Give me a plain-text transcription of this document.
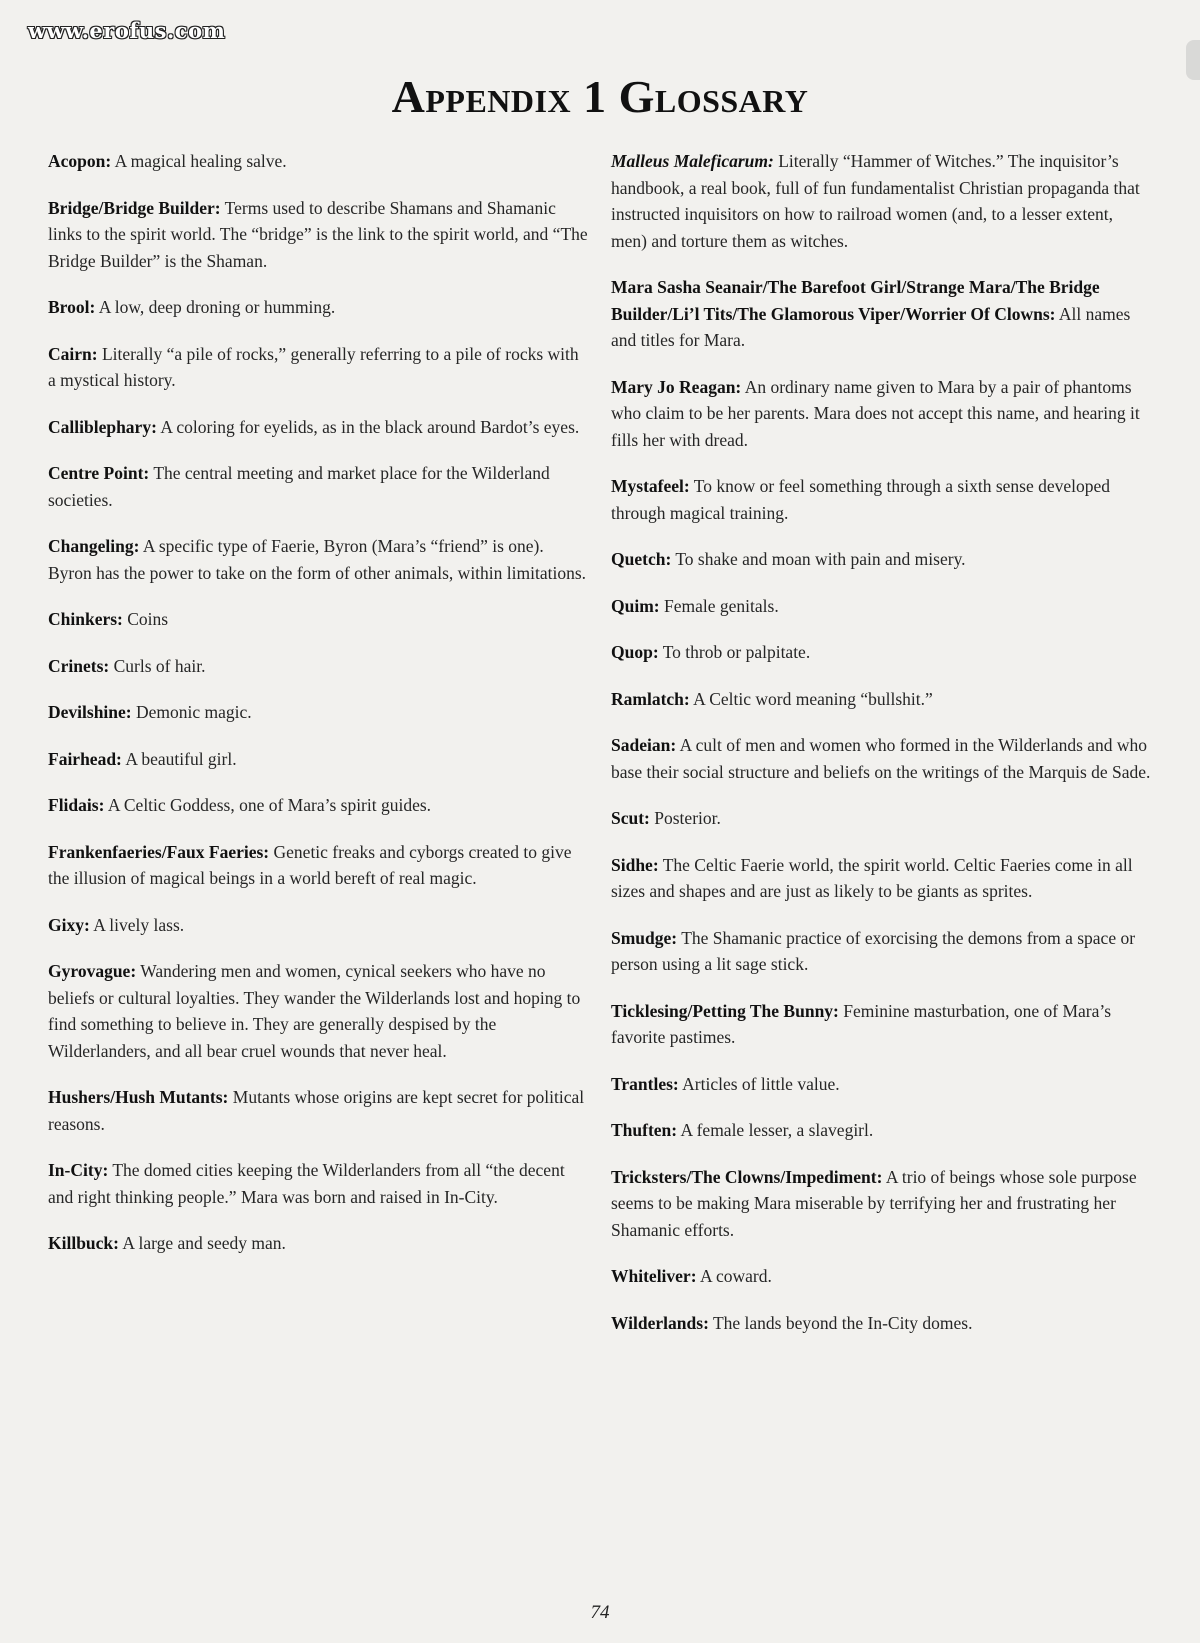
www.erofus.com
Appendix 1 Glossary

Acopon: A magical healing salve.

Bridge/Bridge Builder: Terms used to describe Shamans and Shamanic links to the spirit world. The “bridge” is the link to the spirit world, and “The Bridge Builder” is the Shaman.

Brool: A low, deep droning or humming.

Cairn: Literally “a pile of rocks,” generally referring to a pile of rocks with a mystical history.

Calliblephary: A coloring for eyelids, as in the black around Bardot’s eyes.

Centre Point: The central meeting and market place for the Wilderland societies.

Changeling: A specific type of Faerie, Byron (Mara’s “friend” is one). Byron has the power to take on the form of other animals, within limitations.

Chinkers: Coins

Crinets: Curls of hair.

Devilshine: Demonic magic.

Fairhead: A beautiful girl.

Flidais: A Celtic Goddess, one of Mara’s spirit guides.

Frankenfaeries/Faux Faeries: Genetic freaks and cyborgs created to give the illusion of magical beings in a world bereft of real magic.

Gixy: A lively lass.

Gyrovague: Wandering men and women, cynical seekers who have no beliefs or cultural loyalties. They wander the Wilderlands lost and hoping to find something to believe in. They are generally despised by the Wilderlanders, and all bear cruel wounds that never heal.

Hushers/Hush Mutants: Mutants whose origins are kept secret for political reasons.

In-City: The domed cities keeping the Wilderlanders from all “the decent and right thinking people.” Mara was born and raised in In-City.

Killbuck: A large and seedy man.

Malleus Maleficarum: Literally “Hammer of Witches.” The inquisitor’s handbook, a real book, full of fun fundamentalist Christian propaganda that instructed inquisitors on how to railroad women (and, to a lesser extent, men) and torture them as witches.

Mara Sasha Seanair/The Barefoot Girl/Strange Mara/The Bridge Builder/Li’l Tits/The Glamorous Viper/Worrier Of Clowns: All names and titles for Mara.

Mary Jo Reagan: An ordinary name given to Mara by a pair of phantoms who claim to be her parents. Mara does not accept this name, and hearing it fills her with dread.

Mystafeel: To know or feel something through a sixth sense developed through magical training.

Quetch: To shake and moan with pain and misery.

Quim: Female genitals.

Quop: To throb or palpitate.

Ramlatch: A Celtic word meaning “bullshit.”

Sadeian: A cult of men and women who formed in the Wilderlands and who base their social structure and beliefs on the writings of the Marquis de Sade.

Scut: Posterior.

Sidhe: The Celtic Faerie world, the spirit world. Celtic Faeries come in all sizes and shapes and are just as likely to be giants as sprites.

Smudge: The Shamanic practice of exorcising the demons from a space or person using a lit sage stick.

Ticklesing/Petting The Bunny: Feminine masturbation, one of Mara’s favorite pastimes.

Trantles: Articles of little value.

Thuften: A female lesser, a slavegirl.

Tricksters/The Clowns/Impediment: A trio of beings whose sole purpose seems to be making Mara miserable by terrifying her and frustrating her Shamanic efforts.

Whiteliver: A coward.

Wilderlands: The lands beyond the In-City domes.

74
